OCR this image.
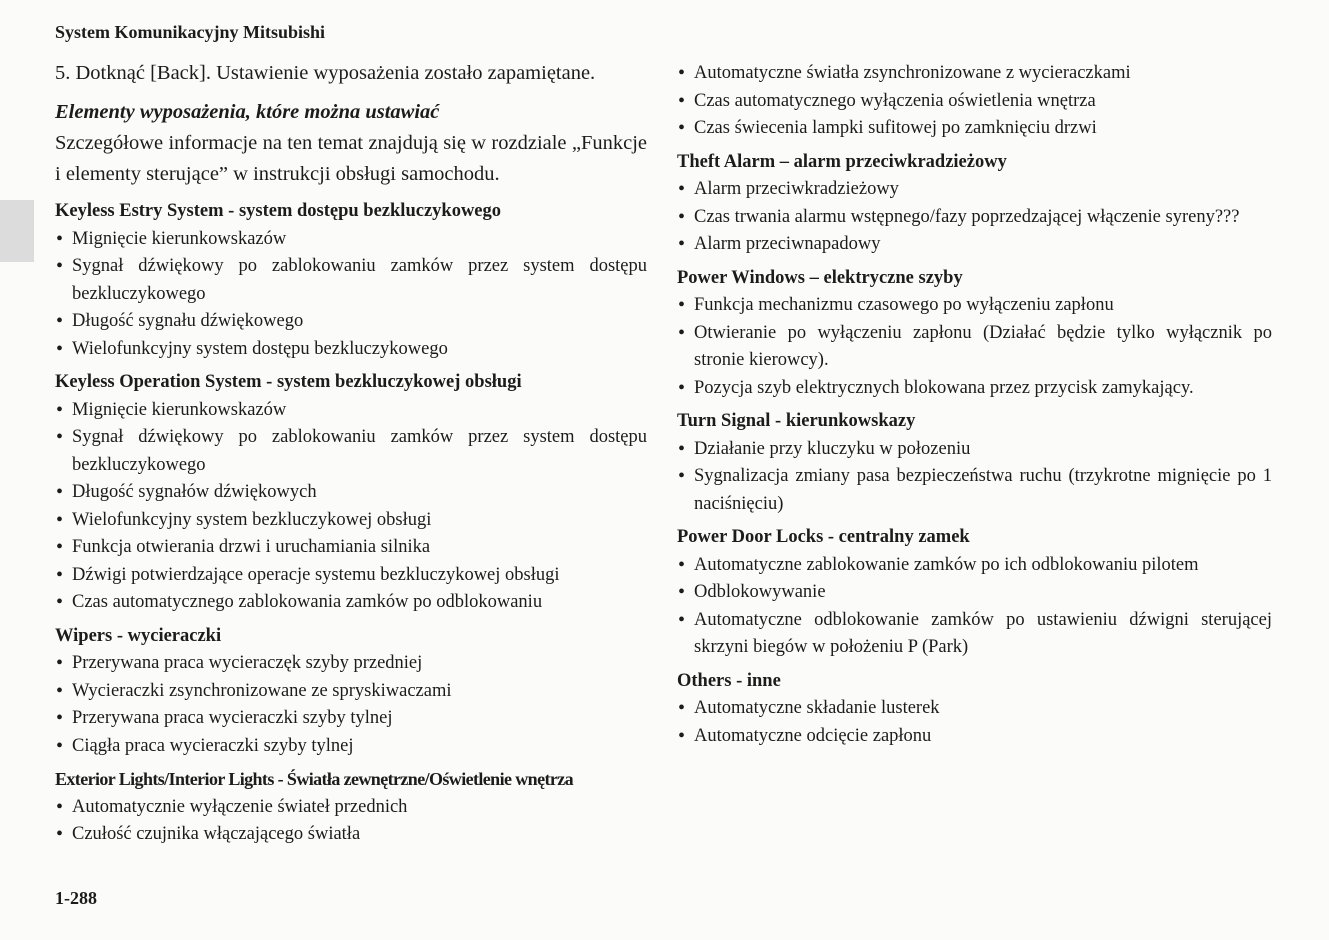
System Komunikacyjny Mitsubishi

5. Dotknąć [Back]. Ustawienie wyposażenia zostało zapamiętane.

Elementy wyposażenia, które można ustawiać

Szczegółowe informacje na ten temat znajdują się w rozdziale „Funkcje i elementy sterujące” w instrukcji obsługi samochodu.

Keyless Estry System - system dostępu bezkluczykowego

• Mignięcie kierunkowskazów
• Sygnał dźwiękowy po zablokowaniu zamków przez system dostępu bezkluczykowego
• Długość sygnału dźwiękowego
• Wielofunkcyjny system dostępu bezkluczykowego

Keyless Operation System - system bezkluczykowej obsługi

• Mignięcie kierunkowskazów
• Sygnał dźwiękowy po zablokowaniu zamków przez system dostępu bezkluczykowego
• Długość sygnałów dźwiękowych
• Wielofunkcyjny system bezkluczykowej obsługi
• Funkcja otwierania drzwi i uruchamiania silnika
• Dźwigi potwierdzające operacje systemu bezkluczykowej obsługi
• Czas automatycznego zablokowania zamków po odblokowaniu

Wipers - wycieraczki

• Przerywana praca wycieraczęk szyby przedniej
• Wycieraczki zsynchronizowane ze spryskiwaczami
• Przerywana praca wycieraczki szyby tylnej
• Ciągła praca wycieraczki szyby tylnej

Exterior Lights/Interior Lights - Światła zewnętrzne/Oświetlenie wnętrza

• Automatycznie wyłączenie świateł przednich
• Czułość czujnika włączającego światła
• Automatyczne światła zsynchronizowane z wycieraczkami
• Czas automatycznego wyłączenia oświetlenia wnętrza
• Czas świecenia lampki sufitowej po zamknięciu drzwi

Theft Alarm – alarm przeciwkradzieżowy

• Alarm przeciwkradzieżowy
• Czas trwania alarmu wstępnego/fazy poprzedzającej włączenie syreny???
• Alarm przeciwnapadowy

Power Windows – elektryczne szyby

• Funkcja mechanizmu czasowego po wyłączeniu zapłonu
• Otwieranie po wyłączeniu zapłonu (Działać będzie tylko wyłącznik po stronie kierowcy).
• Pozycja szyb elektrycznych blokowana przez przycisk zamykający.

Turn Signal - kierunkowskazy

• Działanie przy kluczyku w połozeniu
• Sygnalizacja zmiany pasa bezpieczeństwa ruchu (trzykrotne mignięcie po 1 naciśnięciu)

Power Door Locks - centralny zamek

• Automatyczne zablokowanie zamków po ich odblokowaniu pilotem
• Odblokowywanie
• Automatyczne odblokowanie zamków po ustawieniu dźwigni sterującej skrzyni biegów w położeniu P (Park)

Others - inne

• Automatyczne składanie lusterek
• Automatyczne odcięcie zapłonu
1-288
